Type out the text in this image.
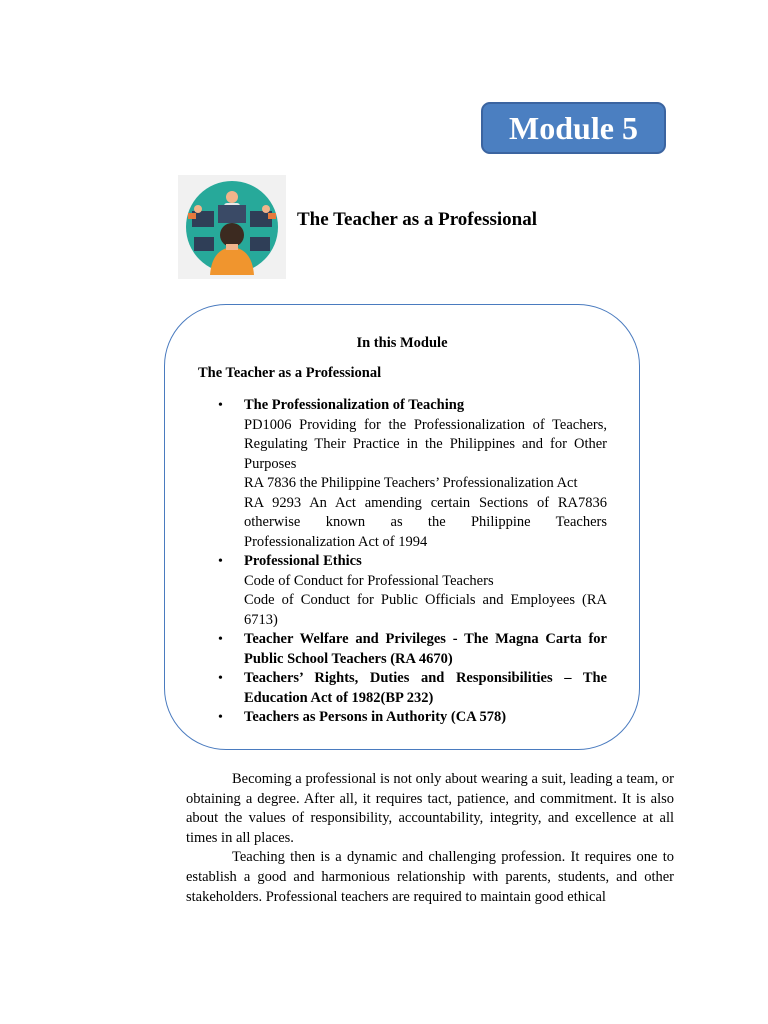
Module 5
The Teacher as a Professional
In this Module
The Teacher as a Professional
• The Professionalization of Teaching
PD1006 Providing for the Professionalization of Teachers, Regulating Their Practice in the Philippines and for Other Purposes
RA 7836 the Philippine Teachers’ Professionalization Act
RA 9293 An Act amending certain Sections of RA7836 otherwise known as the Philippine Teachers Professionalization Act of 1994
• Professional Ethics
Code of Conduct for Professional Teachers
Code of Conduct for Public Officials and Employees (RA 6713)
• Teacher Welfare and Privileges - The Magna Carta for Public School Teachers (RA 4670)
• Teachers’ Rights, Duties and Responsibilities – The Education Act of 1982(BP 232)
• Teachers as Persons in Authority (CA 578)

Becoming a professional is not only about wearing a suit, leading a team, or obtaining a degree. After all, it requires tact, patience, and commitment. It is also about the values of responsibility, accountability, integrity, and excellence at all times in all places.

Teaching then is a dynamic and challenging profession. It requires one to establish a good and harmonious relationship with parents, students, and other stakeholders. Professional teachers are required to maintain good ethical
